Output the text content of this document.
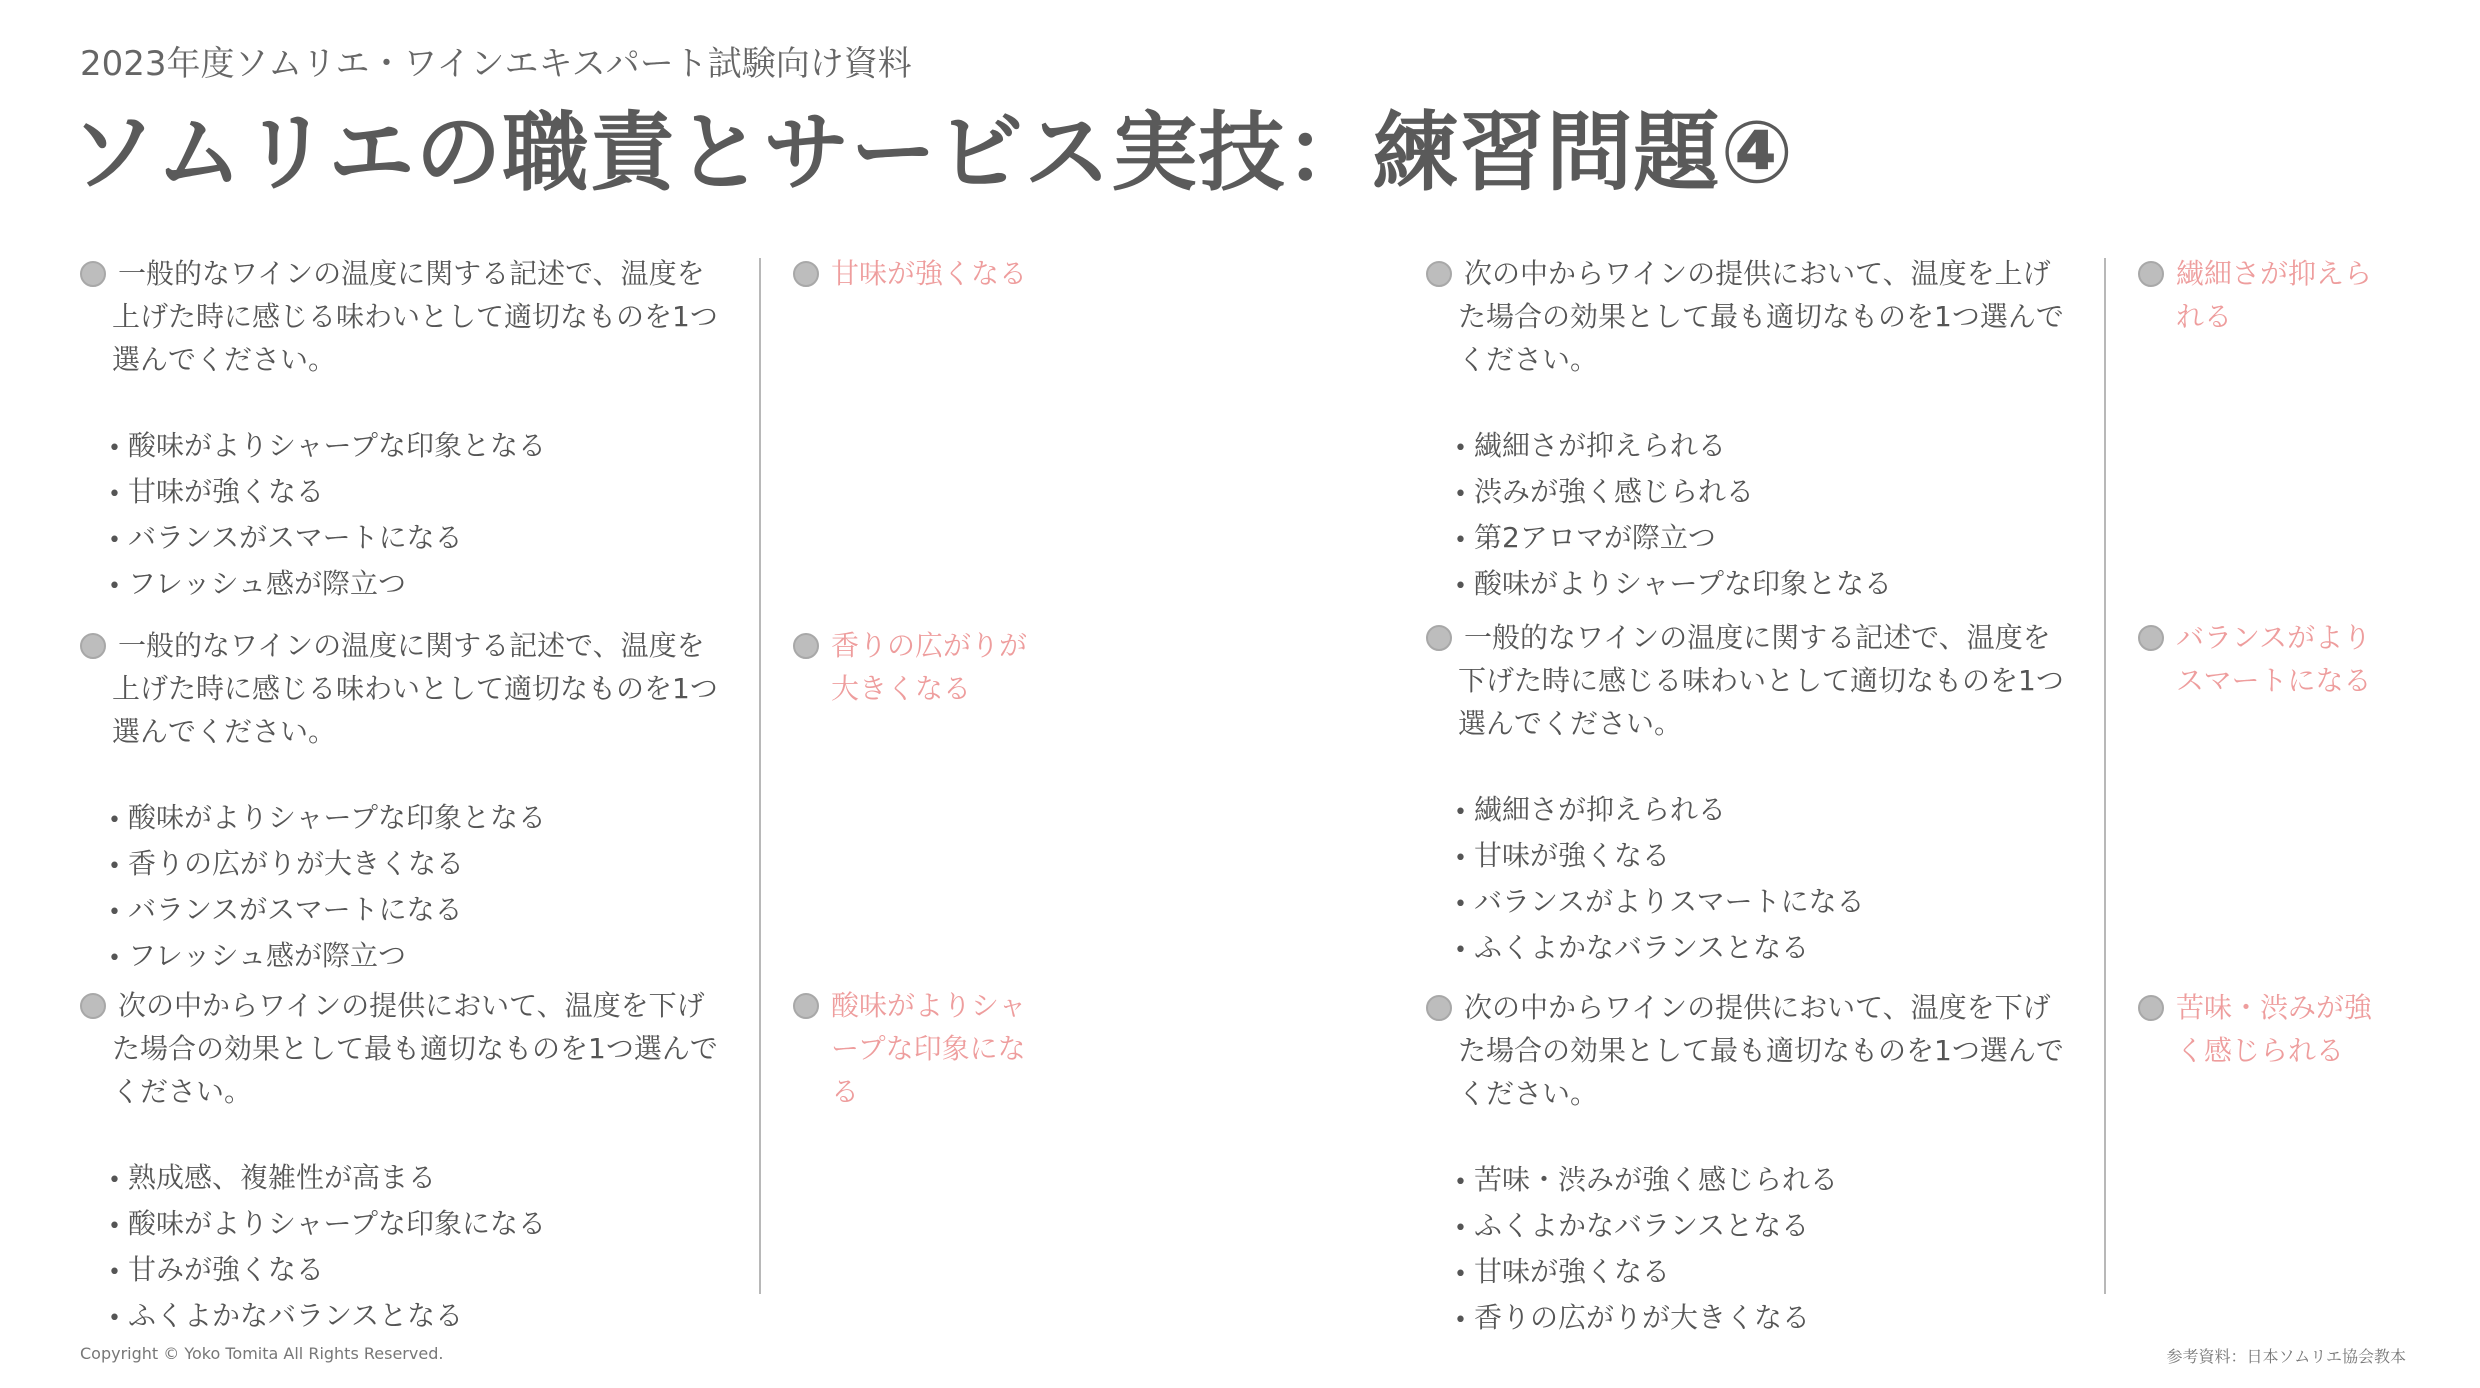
2023年度ソムリエ・ワインエキスパート試験向け資料
ソムリエの職責とサービス実技：練習問題④
一般的なワインの温度に関する記述で、温度を上げた時に感じる味わいとして適切なものを1つ選んでください。
• 酸味がよりシャープな印象となる
• 甘味が強くなる
• バランスがスマートになる
• フレッシュ感が際立つ
甘味が強くなる
一般的なワインの温度に関する記述で、温度を上げた時に感じる味わいとして適切なものを1つ選んでください。
• 酸味がよりシャープな印象となる
• 香りの広がりが大きくなる
• バランスがスマートになる
• フレッシュ感が際立つ
香りの広がりが大きくなる
次の中からワインの提供において、温度を下げた場合の効果として最も適切なものを1つ選んでください。
• 熟成感、複雑性が高まる
• 酸味がよりシャープな印象になる
• 甘みが強くなる
• ふくよかなバランスとなる
酸味がよりシャープな印象になる
次の中からワインの提供において、温度を上げた場合の効果として最も適切なものを1つ選んでください。
• 繊細さが抑えられる
• 渋みが強く感じられる
• 第2アロマが際立つ
• 酸味がよりシャープな印象となる
繊細さが抑えられる
一般的なワインの温度に関する記述で、温度を下げた時に感じる味わいとして適切なものを1つ選んでください。
• 繊細さが抑えられる
• 甘味が強くなる
• バランスがよりスマートになる
• ふくよかなバランスとなる
バランスがよりスマートになる
次の中からワインの提供において、温度を下げた場合の効果として最も適切なものを1つ選んでください。
• 苦味・渋みが強く感じられる
• ふくよかなバランスとなる
• 甘味が強くなる
• 香りの広がりが大きくなる
苦味・渋みが強く感じられる
Copyright © Yoko Tomita All Rights Reserved.	参考資料：日本ソムリエ協会教本
